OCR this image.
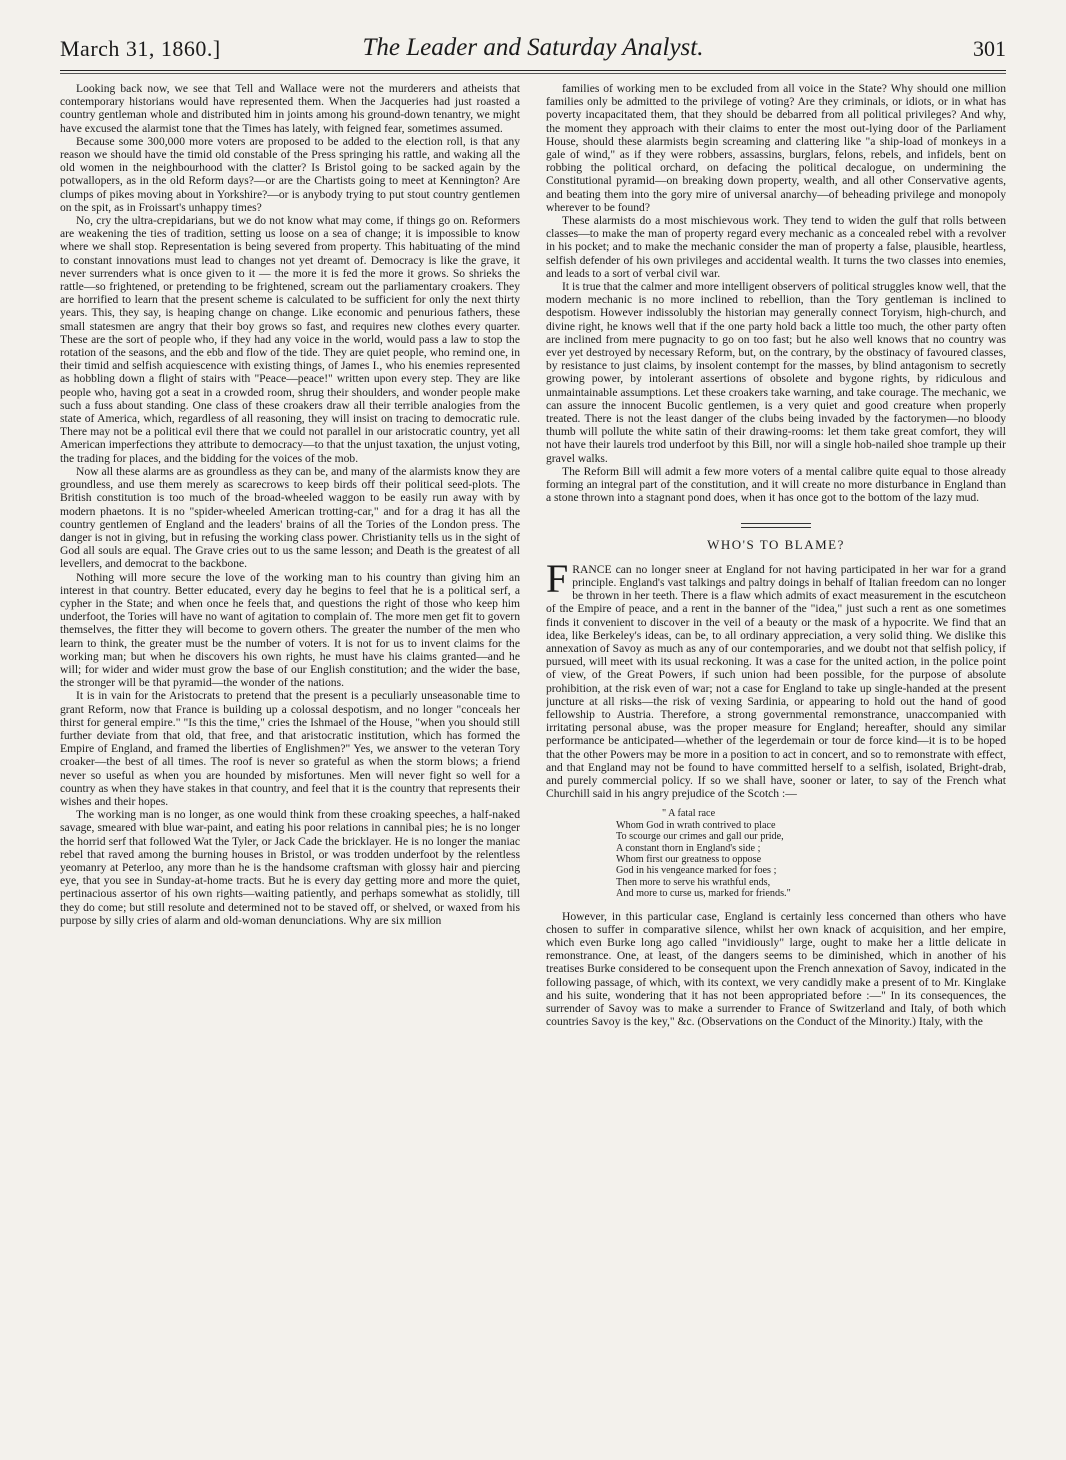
March 31, 1860.]	The Leader and Saturday Analyst.	301

Looking back now, we see that Tell and Wallace were not the murderers and atheists that contemporary historians would have represented them. When the Jacqueries had just roasted a country gentleman whole and distributed him in joints among his ground-down tenantry, we might have excused the alarmist tone that the Times has lately, with feigned fear, sometimes assumed.

Because some 300,000 more voters are proposed to be added to the election roll, is that any reason we should have the timid old constable of the Press springing his rattle, and waking all the old women in the neighbourhood with the clatter? Is Bristol going to be sacked again by the potwallopers, as in the old Reform days?—or are the Chartists going to meet at Kennington? Are clumps of pikes moving about in Yorkshire?—or is anybody trying to put stout country gentlemen on the spit, as in Froissart's unhappy times?

No, cry the ultra-crepidarians, but we do not know what may come, if things go on. Reformers are weakening the ties of tradition, setting us loose on a sea of change; it is impossible to know where we shall stop. Representation is being severed from property. This habituating of the mind to constant innovations must lead to changes not yet dreamt of. Democracy is like the grave, it never surrenders what is once given to it — the more it is fed the more it grows. So shrieks the rattle—so frightened, or pretending to be frightened, scream out the parliamentary croakers. They are horrified to learn that the present scheme is calculated to be sufficient for only the next thirty years. This, they say, is heaping change on change. Like economic and penurious fathers, these small statesmen are angry that their boy grows so fast, and requires new clothes every quarter. These are the sort of people who, if they had any voice in the world, would pass a law to stop the rotation of the seasons, and the ebb and flow of the tide. They are quiet people, who remind one, in their timid and selfish acquiescence with existing things, of James I., who his enemies represented as hobbling down a flight of stairs with "Peace—peace!" written upon every step. They are like people who, having got a seat in a crowded room, shrug their shoulders, and wonder people make such a fuss about standing. One class of these croakers draw all their terrible analogies from the state of America, which, regardless of all reasoning, they will insist on tracing to democratic rule. There may not be a political evil there that we could not parallel in our aristocratic country, yet all American imperfections they attribute to democracy—to that the unjust taxation, the unjust voting, the trading for places, and the bidding for the voices of the mob.

Now all these alarms are as groundless as they can be, and many of the alarmists know they are groundless, and use them merely as scarecrows to keep birds off their political seed-plots. The British constitution is too much of the broad-wheeled waggon to be easily run away with by modern phaetons. It is no "spider-wheeled American trotting-car," and for a drag it has all the country gentlemen of England and the leaders' brains of all the Tories of the London press. The danger is not in giving, but in refusing the working class power. Christianity tells us in the sight of God all souls are equal. The Grave cries out to us the same lesson; and Death is the greatest of all levellers, and democrat to the backbone.

Nothing will more secure the love of the working man to his country than giving him an interest in that country. Better educated, every day he begins to feel that he is a political serf, a cypher in the State; and when once he feels that, and questions the right of those who keep him underfoot, the Tories will have no want of agitation to complain of. The more men get fit to govern themselves, the fitter they will become to govern others. The greater the number of the men who learn to think, the greater must be the number of voters. It is not for us to invent claims for the working man; but when he discovers his own rights, he must have his claims granted—and he will; for wider and wider must grow the base of our English constitution; and the wider the base, the stronger will be that pyramid—the wonder of the nations.

It is in vain for the Aristocrats to pretend that the present is a peculiarly unseasonable time to grant Reform, now that France is building up a colossal despotism, and no longer "conceals her thirst for general empire." "Is this the time," cries the Ishmael of the House, "when you should still further deviate from that old, that free, and that aristocratic institution, which has formed the Empire of England, and framed the liberties of Englishmen?" Yes, we answer to the veteran Tory croaker—the best of all times. The roof is never so grateful as when the storm blows; a friend never so useful as when you are hounded by misfortunes. Men will never fight so well for a country as when they have stakes in that country, and feel that it is the country that represents their wishes and their hopes.

The working man is no longer, as one would think from these croaking speeches, a half-naked savage, smeared with blue war-paint, and eating his poor relations in cannibal pies; he is no longer the horrid serf that followed Wat the Tyler, or Jack Cade the bricklayer. He is no longer the maniac rebel that raved among the burning houses in Bristol, or was trodden underfoot by the relentless yeomanry at Peterloo, any more than he is the handsome craftsman with glossy hair and piercing eye, that you see in Sunday-at-home tracts. But he is every day getting more and more the quiet, pertinacious assertor of his own rights—waiting patiently, and perhaps somewhat as stolidly, till they do come; but still resolute and determined not to be staved off, or shelved, or waxed from his purpose by silly cries of alarm and old-woman denunciations. Why are six million

families of working men to be excluded from all voice in the State? Why should one million families only be admitted to the privilege of voting? Are they criminals, or idiots, or in what has poverty incapacitated them, that they should be debarred from all political privileges? And why, the moment they approach with their claims to enter the most out-lying door of the Parliament House, should these alarmists begin screaming and clattering like "a ship-load of monkeys in a gale of wind," as if they were robbers, assassins, burglars, felons, rebels, and infidels, bent on robbing the political orchard, on defacing the political decalogue, on undermining the Constitutional pyramid—on breaking down property, wealth, and all other Conservative agents, and beating them into the gory mire of universal anarchy—of beheading privilege and monopoly wherever to be found?

These alarmists do a most mischievous work. They tend to widen the gulf that rolls between classes—to make the man of property regard every mechanic as a concealed rebel with a revolver in his pocket; and to make the mechanic consider the man of property a false, plausible, heartless, selfish defender of his own privileges and accidental wealth. It turns the two classes into enemies, and leads to a sort of verbal civil war.

It is true that the calmer and more intelligent observers of political struggles know well, that the modern mechanic is no more inclined to rebellion, than the Tory gentleman is inclined to despotism. However indissolubly the historian may generally connect Toryism, high-church, and divine right, he knows well that if the one party hold back a little too much, the other party often are inclined from mere pugnacity to go on too fast; but he also well knows that no country was ever yet destroyed by necessary Reform, but, on the contrary, by the obstinacy of favoured classes, by resistance to just claims, by insolent contempt for the masses, by blind antagonism to secretly growing power, by intolerant assertions of obsolete and bygone rights, by ridiculous and unmaintainable assumptions. Let these croakers take warning, and take courage. The mechanic, we can assure the innocent Bucolic gentlemen, is a very quiet and good creature when properly treated. There is not the least danger of the clubs being invaded by the factorymen—no bloody thumb will pollute the white satin of their drawing-rooms: let them take great comfort, they will not have their laurels trod underfoot by this Bill, nor will a single hob-nailed shoe trample up their gravel walks.

The Reform Bill will admit a few more voters of a mental calibre quite equal to those already forming an integral part of the constitution, and it will create no more disturbance in England than a stone thrown into a stagnant pond does, when it has once got to the bottom of the lazy mud.

WHO'S TO BLAME?

FRANCE can no longer sneer at England for not having participated in her war for a grand principle. England's vast talkings and paltry doings in behalf of Italian freedom can no longer be thrown in her teeth. There is a flaw which admits of exact measurement in the escutcheon of the Empire of peace, and a rent in the banner of the "idea," just such a rent as one sometimes finds it convenient to discover in the veil of a beauty or the mask of a hypocrite. We find that an idea, like Berkeley's ideas, can be, to all ordinary appreciation, a very solid thing. We dislike this annexation of Savoy as much as any of our contemporaries, and we doubt not that selfish policy, if pursued, will meet with its usual reckoning. It was a case for the united action, in the police point of view, of the Great Powers, if such union had been possible, for the purpose of absolute prohibition, at the risk even of war; not a case for England to take up single-handed at the present juncture at all risks—the risk of vexing Sardinia, or appearing to hold out the hand of good fellowship to Austria. Therefore, a strong governmental remonstrance, unaccompanied with irritating personal abuse, was the proper measure for England; hereafter, should any similar performance be anticipated—whether of the legerdemain or tour de force kind—it is to be hoped that the other Powers may be more in a position to act in concert, and so to remonstrate with effect, and that England may not be found to have committed herself to a selfish, isolated, Bright-drab, and purely commercial policy. If so we shall have, sooner or later, to say of the French what Churchill said in his angry prejudice of the Scotch :—

" A fatal race
Whom God in wrath contrived to place
To scourge our crimes and gall our pride,
A constant thorn in England's side ;
Whom first our greatness to oppose
God in his vengeance marked for foes ;
Then more to serve his wrathful ends,
And more to curse us, marked for friends."

However, in this particular case, England is certainly less concerned than others who have chosen to suffer in comparative silence, whilst her own knack of acquisition, and her empire, which even Burke long ago called "invidiously" large, ought to make her a little delicate in remonstrance. One, at least, of the dangers seems to be diminished, which in another of his treatises Burke considered to be consequent upon the French annexation of Savoy, indicated in the following passage, of which, with its context, we very candidly make a present of to Mr. Kinglake and his suite, wondering that it has not been appropriated before :—" In its consequences, the surrender of Savoy was to make a surrender to France of Switzerland and Italy, of both which countries Savoy is the key," &c. (Observations on the Conduct of the Minority.) Italy, with the
